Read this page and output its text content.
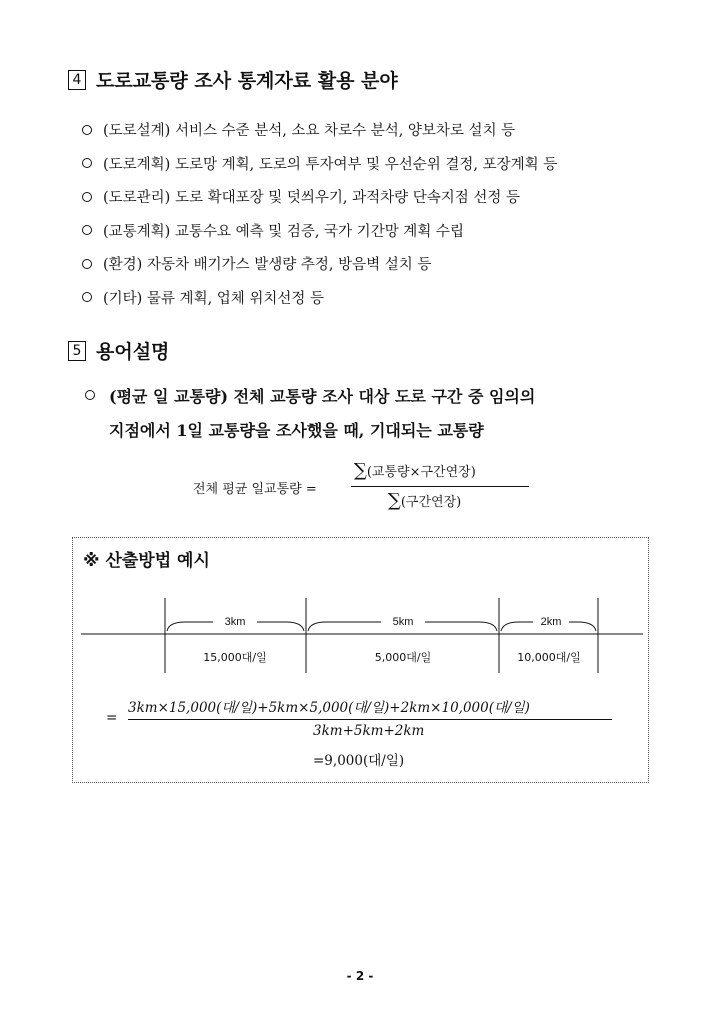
4 도로교통량 조사 통계자료 활용 분야
(도로설계) 서비스 수준 분석, 소요 차로수 분석, 양보차로 설치 등
(도로계획) 도로망 계획, 도로의 투자여부 및 우선순위 결정, 포장계획 등
(도로관리) 도로 확대포장 및 덧씌우기, 과적차량 단속지점 선정 등
(교통계획) 교통수요 예측 및 검증, 국가 기간망 계획 수립
(환경) 자동차 배기가스 발생량 추정, 방음벽 설치 등
(기타) 물류 계획, 업체 위치선정 등
5 용어설명
(평균 일 교통량) 전체 교통량 조사 대상 도로 구간 중 임의의
지점에서 1일 교통량을 조사했을 때, 기대되는 교통량
전체 평균 일교통량 =
∑(교통량×구간연장)
∑(구간연장)
※ 산출방법 예시
3km	5km	2km
15,000대/일	5,000대/일	10,000대/일
=
3km×15,000(대/일)+5km×5,000(대/일)+2km×10,000(대/일)
3km+5km+2km
=9,000(대/일)
- 2 -
